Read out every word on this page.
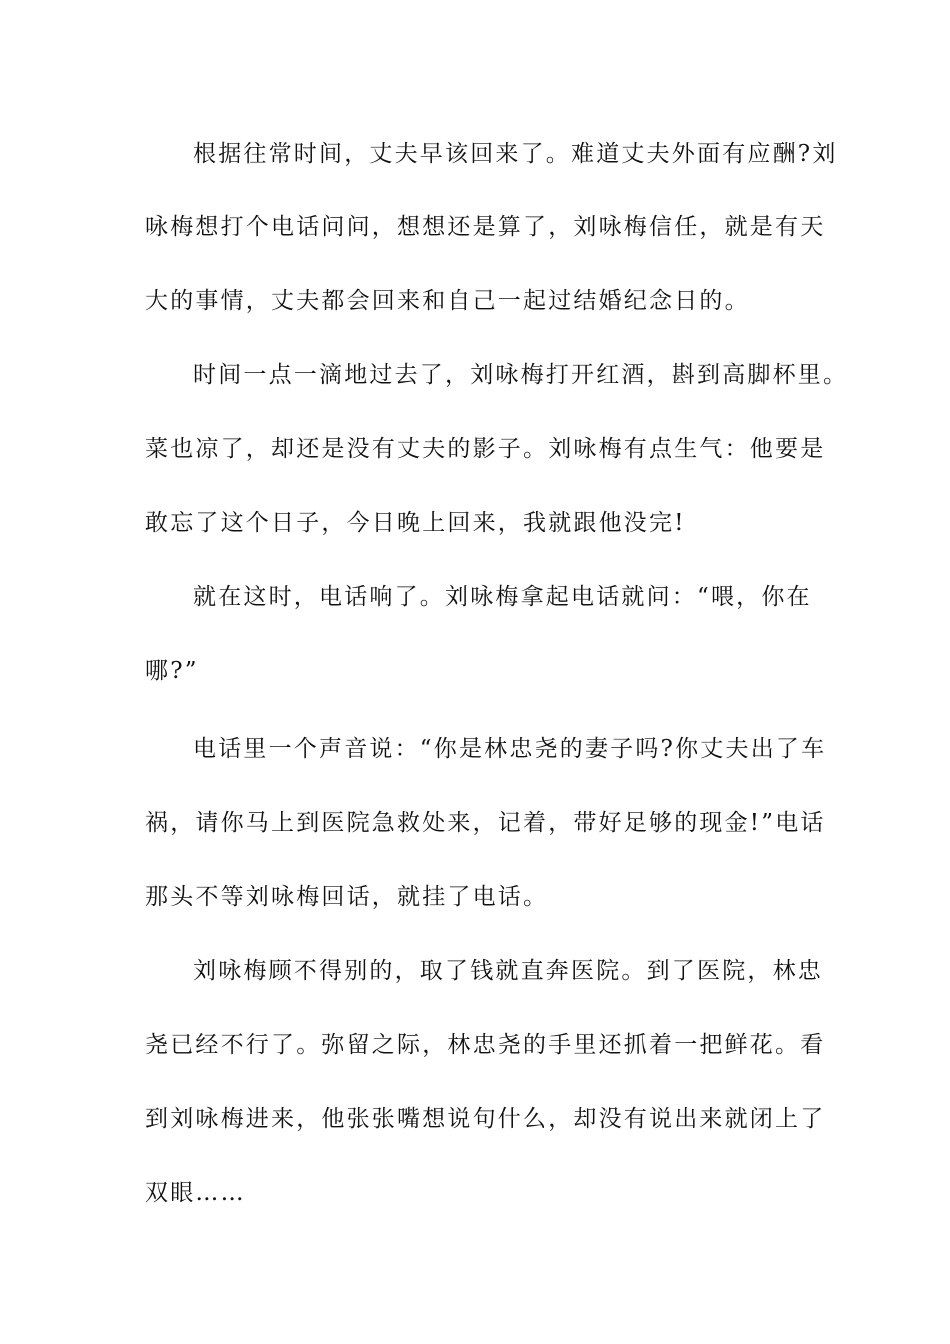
根据往常时间，丈夫早该回来了。难道丈夫外面有应酬?刘
咏梅想打个电话问问，想想还是算了，刘咏梅信任，就是有天
大的事情，丈夫都会回来和自己一起过结婚纪念日的。
时间一点一滴地过去了，刘咏梅打开红酒，斟到高脚杯里。
菜也凉了，却还是没有丈夫的影子。刘咏梅有点生气：他要是
敢忘了这个日子，今日晚上回来，我就跟他没完!
就在这时，电话响了。刘咏梅拿起电话就问：“喂，你在
哪?”
电话里一个声音说：“你是林忠尧的妻子吗?你丈夫出了车
祸，请你马上到医院急救处来，记着，带好足够的现金!”电话
那头不等刘咏梅回话，就挂了电话。
刘咏梅顾不得别的，取了钱就直奔医院。到了医院，林忠
尧已经不行了。弥留之际，林忠尧的手里还抓着一把鲜花。看
到刘咏梅进来，他张张嘴想说句什么，却没有说出来就闭上了
双眼……
